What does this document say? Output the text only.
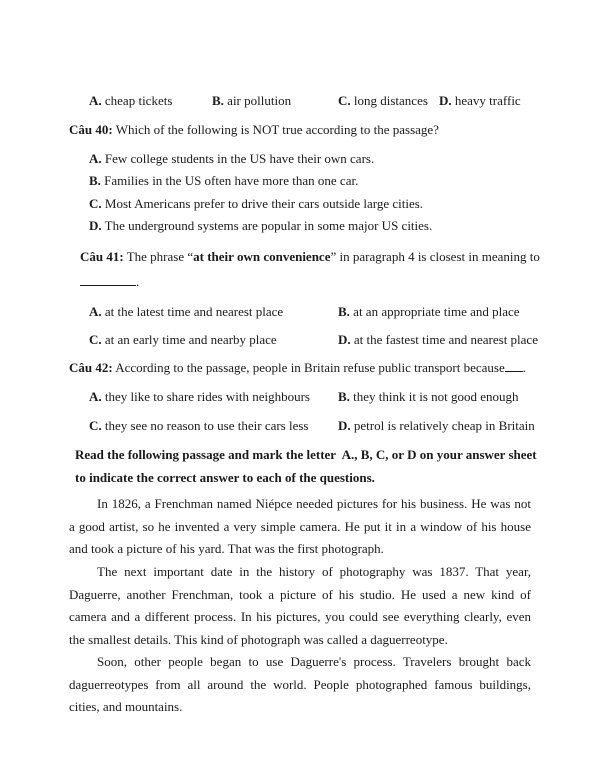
A. cheap tickets	B. air pollution	C. long distances D. heavy traffic
Câu 40: Which of the following is NOT true according to the passage?
A. Few college students in the US have their own cars.
B. Families in the US often have more than one car.
C. Most Americans prefer to drive their cars outside large cities.
D. The underground systems are popular in some major US cities.
Câu 41: The phrase “at their own convenience” in paragraph 4 is closest in meaning to
.
A. at the latest time and nearest place	B. at an appropriate time and place
C. at an early time and nearby place	D. at the fastest time and nearest place
Câu 42: According to the passage, people in Britain refuse public transport because .
A. they like to share rides with neighbours B. they think it is not good enough
C. they see no reason to use their cars less D. petrol is relatively cheap in Britain
Read the following passage and mark the letter  A., B, C, or D on your answer sheet
to indicate the correct answer to each of the questions.
In 1826, a Frenchman named Niépce needed pictures for his business. He was not a good artist, so he invented a very simple camera. He put it in a window of his house and took a picture of his yard. That was the first photograph.
The next important date in the history of photography was 1837. That year, Daguerre, another Frenchman, took a picture of his studio. He used a new kind of camera and a different process. In his pictures, you could see everything clearly, even the smallest details. This kind of photograph was called a daguerreotype.
Soon, other people began to use Daguerre's process. Travelers brought back daguerreotypes from all around the world. People photographed famous buildings, cities, and mountains.
